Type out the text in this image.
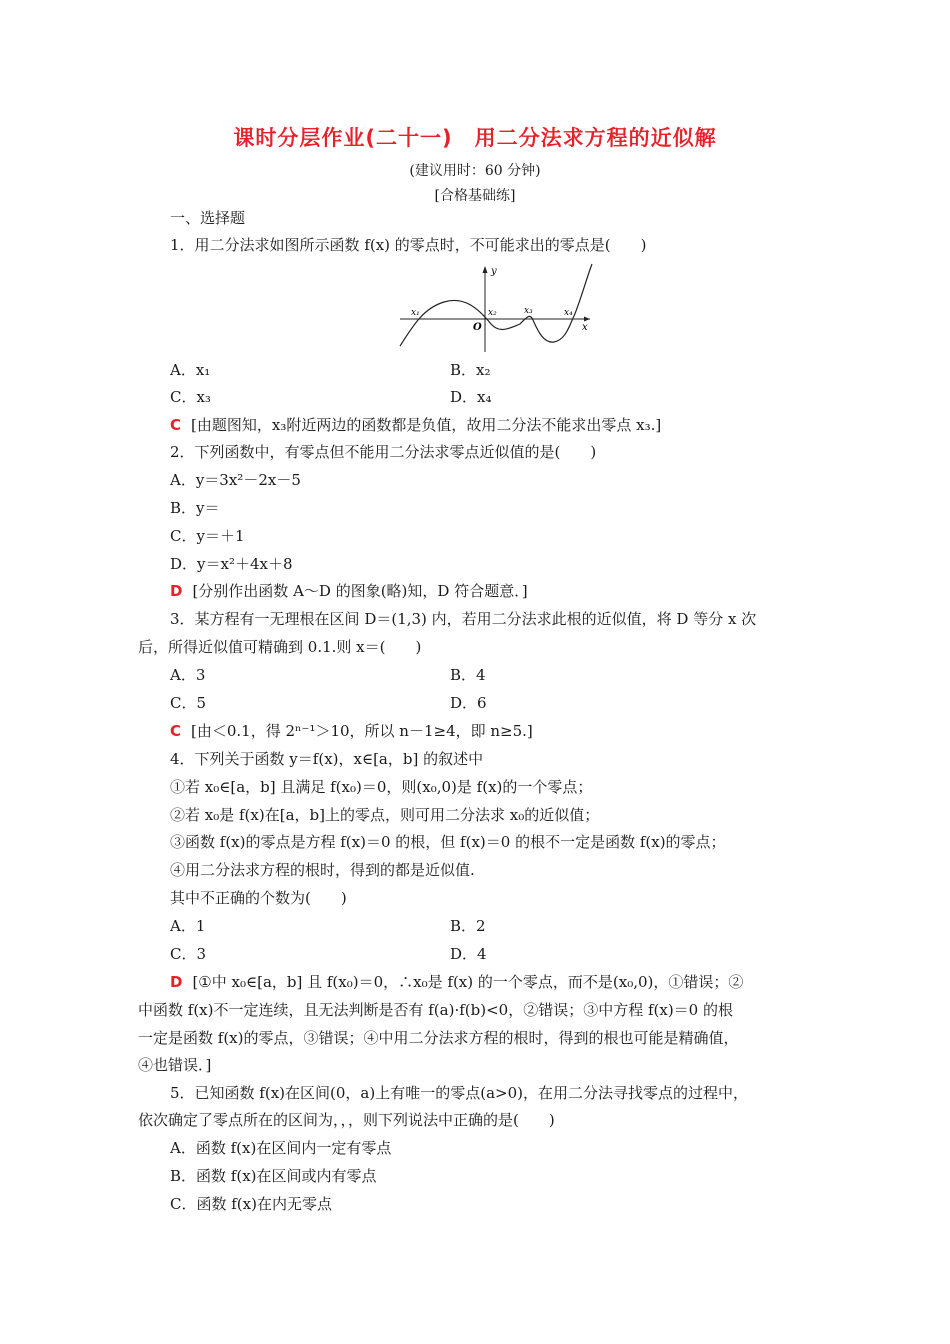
课时分层作业(二十一)　用二分法求方程的近似解
(建议用时：60 分钟)
[合格基础练]
一、选择题
1．用二分法求如图所示函数 f(x) 的零点时，不可能求出的零点是(　　)
y
x
O
x₁	x₂	x₃	x₄
A．x₁	B．x₂
C．x₃	D．x₄
C [由题图知，x₃附近两边的函数都是负值，故用二分法不能求出零点 x₃.]
2．下列函数中，有零点但不能用二分法求零点近似值的是(　　)
A．y＝3x²－2x－5
B．y＝
C．y＝＋1
D．y＝x²＋4x＋8
D [分别作出函数 A～D 的图象(略)知，D 符合题意．]
3．某方程有一无理根在区间 D＝(1,3) 内，若用二分法求此根的近似值，将 D 等分 x 次
后，所得近似值可精确到 0.1.则 x＝(　　)
A．3	B．4
C．5	D．6
C [由＜0.1，得 2ⁿ⁻¹＞10，所以 n－1≥4，即 n≥5.]
4．下列关于函数 y＝f(x)，x∈[a，b] 的叙述中
①若 x₀∈[a，b] 且满足 f(x₀)＝0，则(x₀,0)是 f(x)的一个零点；
②若 x₀是 f(x)在[a，b]上的零点，则可用二分法求 x₀的近似值；
③函数 f(x)的零点是方程 f(x)＝0 的根，但 f(x)＝0 的根不一定是函数 f(x)的零点；
④用二分法求方程的根时，得到的都是近似值.
其中不正确的个数为(　　)
A．1	B．2
C．3	D．4
D [①中 x₀∈[a，b] 且 f(x₀)＝0，∴x₀是 f(x) 的一个零点，而不是(x₀,0)，①错误；②
中函数 f(x)不一定连续，且无法判断是否有 f(a)·f(b)<0，②错误；③中方程 f(x)＝0 的根
一定是函数 f(x)的零点，③错误；④中用二分法求方程的根时，得到的根也可能是精确值，
④也错误．]
5．已知函数 f(x)在区间(0，a)上有唯一的零点(a>0)，在用二分法寻找零点的过程中，
依次确定了零点所在的区间为，，，则下列说法中正确的是(　　)
A．函数 f(x)在区间内一定有零点
B．函数 f(x)在区间或内有零点
C．函数 f(x)在内无零点
